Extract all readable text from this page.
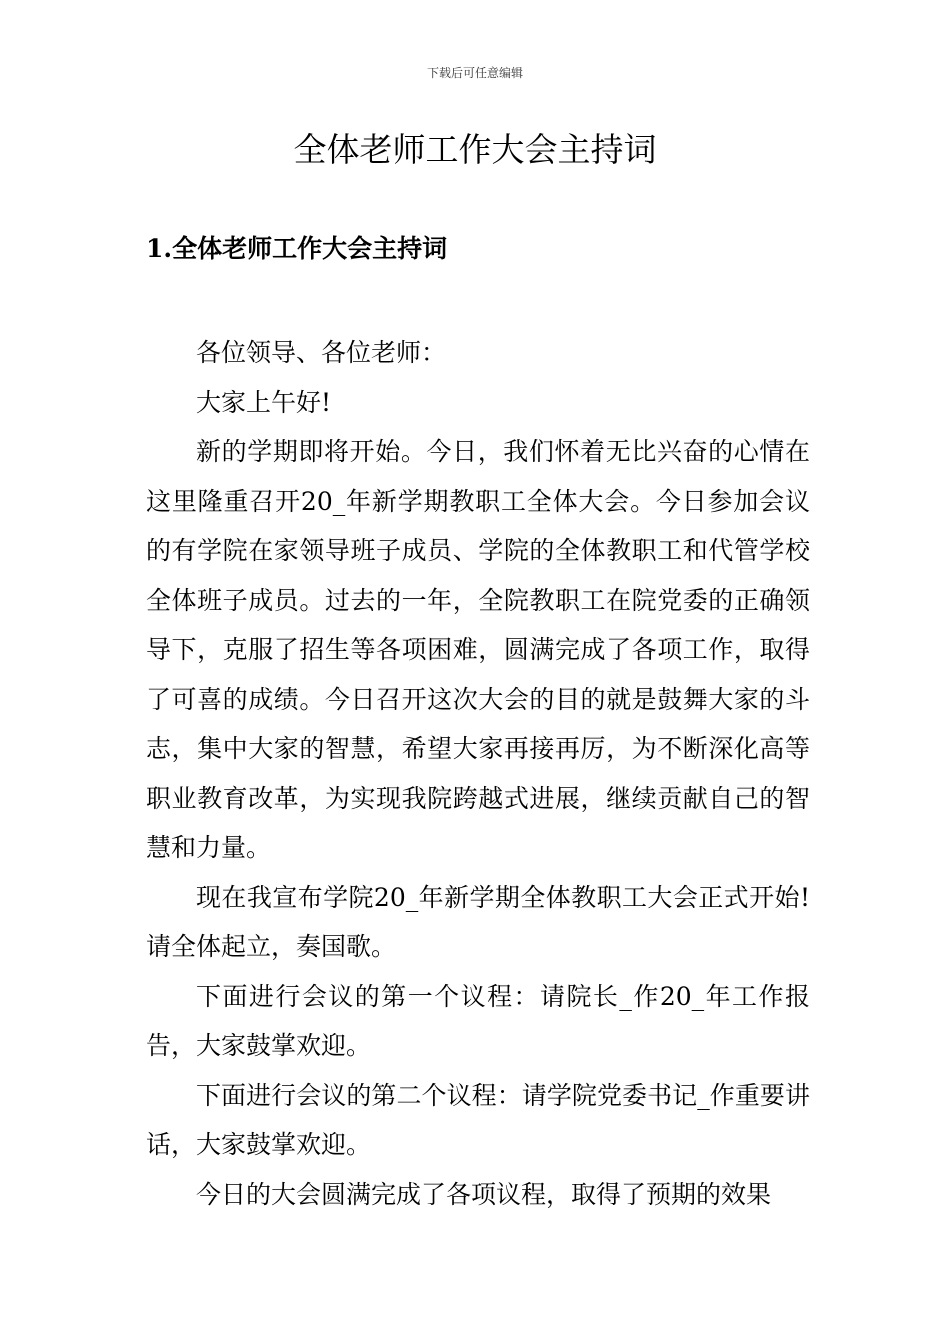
下载后可任意编辑
全体老师工作大会主持词
1.全体老师工作大会主持词

各位领导、各位老师：

大家上午好!

新的学期即将开始。今日，我们怀着无比兴奋的心情在这里隆重召开20_年新学期教职工全体大会。今日参加会议的有学院在家领导班子成员、学院的全体教职工和代管学校全体班子成员。过去的一年，全院教职工在院党委的正确领导下，克服了招生等各项困难，圆满完成了各项工作，取得了可喜的成绩。今日召开这次大会的目的就是鼓舞大家的斗志，集中大家的智慧，希望大家再接再厉，为不断深化高等职业教育改革，为实现我院跨越式进展，继续贡献自己的智慧和力量。

现在我宣布学院20_年新学期全体教职工大会正式开始!请全体起立，奏国歌。

下面进行会议的第一个议程：请院长_作20_年工作报告，大家鼓掌欢迎。

下面进行会议的第二个议程：请学院党委书记_作重要讲话，大家鼓掌欢迎。

今日的大会圆满完成了各项议程，取得了预期的效果
